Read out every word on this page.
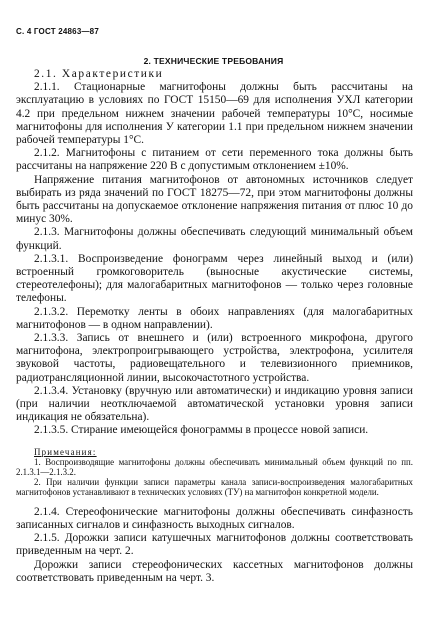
С. 4 ГОСТ 24863—87
2. ТЕХНИЧЕСКИЕ ТРЕБОВАНИЯ

2.1. Характеристики

2.1.1. Стационарные магнитофоны должны быть рассчитаны на эксплуатацию в условиях по ГОСТ 15150—69 для исполнения УХЛ категории 4.2 при предельном нижнем значении рабочей температуры 10°С, носимые магнитофоны для исполнения У категории 1.1 при предельном нижнем значении рабочей температуры 1°С.

2.1.2. Магнитофоны с питанием от сети переменного тока должны быть рассчитаны на напряжение 220 В с допустимым отклонением ±10%.

Напряжение питания магнитофонов от автономных источников следует выбирать из ряда значений по ГОСТ 18275—72, при этом магнитофоны должны быть рассчитаны на допускаемое отклонение напряжения питания от плюс 10 до минус 30%.

2.1.3. Магнитофоны должны обеспечивать следующий минимальный объем функций.

2.1.3.1. Воспроизведение фонограмм через линейный выход и (или) встроенный громкоговоритель (выносные акустические системы, стереотелефоны); для малогабаритных магнитофонов — только через головные телефоны.

2.1.3.2. Перемотку ленты в обоих направлениях (для малогабаритных магнитофонов — в одном направлении).

2.1.3.3. Запись от внешнего и (или) встроенного микрофона, другого магнитофона, электропроигрывающего устройства, электрофона, усилителя звуковой частоты, радиовещательного и телевизионного приемников, радиотрансляционной линии, высокочастотного устройства.

2.1.3.4. Установку (вручную или автоматически) и индикацию уровня записи (при наличии неотключаемой автоматической установки уровня записи индикация не обязательна).

2.1.3.5. Стирание имеющейся фонограммы в процессе новой записи.

Примечания:

1. Воспроизводящие магнитофоны должны обеспечивать минимальный объем функций по пп. 2.1.3.1—2.1.3.2.

2. При наличии функции записи параметры канала записи-воспроизведения малогабаритных магнитофонов устанавливают в технических условиях (ТУ) на магнитофон конкретной модели.

2.1.4. Стереофонические магнитофоны должны обеспечивать синфазность записанных сигналов и синфазность выходных сигналов.

2.1.5. Дорожки записи катушечных магнитофонов должны соответствовать приведенным на черт. 2.

Дорожки записи стереофонических кассетных магнитофонов должны соответствовать приведенным на черт. 3.
